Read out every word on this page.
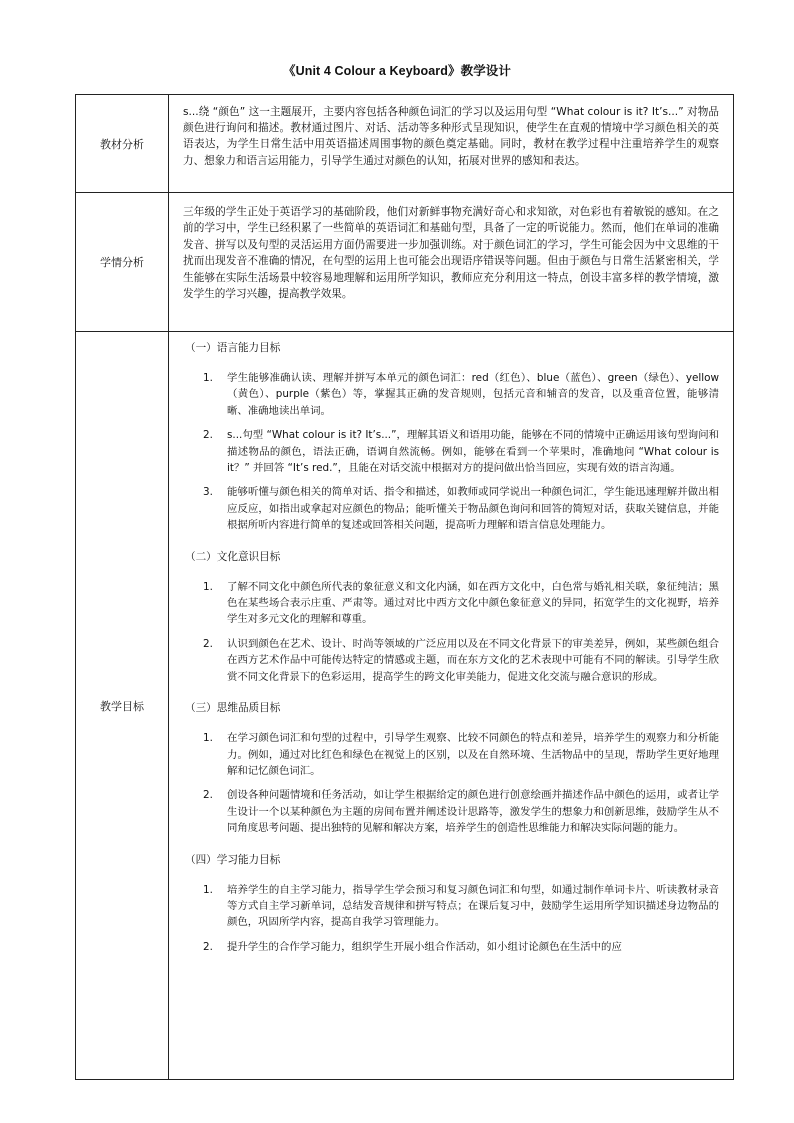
《Unit 4 Colour a Keyboard》教学设计
教材分析
s...绕 “颜色” 这一主题展开，主要内容包括各种颜色词汇的学习以及运用句型 “What colour is it? It’s...” 对物品颜色进行询问和描述。教材通过图片、对话、活动等多种形式呈现知识，使学生在直观的情境中学习颜色相关的英语表达，为学生日常生活中用英语描述周围事物的颜色奠定基础。同时，教材在教学过程中注重培养学生的观察力、想象力和语言运用能力，引导学生通过对颜色的认知，拓展对世界的感知和表达。
学情分析
三年级的学生正处于英语学习的基础阶段，他们对新鲜事物充满好奇心和求知欲，对色彩也有着敏锐的感知。在之前的学习中，学生已经积累了一些简单的英语词汇和基础句型，具备了一定的听说能力。然而，他们在单词的准确发音、拼写以及句型的灵活运用方面仍需要进一步加强训练。对于颜色词汇的学习，学生可能会因为中文思维的干扰而出现发音不准确的情况，在句型的运用上也可能会出现语序错误等问题。但由于颜色与日常生活紧密相关，学生能够在实际生活场景中较容易地理解和运用所学知识，教师应充分利用这一特点，创设丰富多样的教学情境，激发学生的学习兴趣，提高教学效果。
教学目标

（一）语言能力目标

1. 学生能够准确认读、理解并拼写本单元的颜色词汇：red（红色）、blue（蓝色）、green（绿色）、yellow（黄色）、purple（紫色）等，掌握其正确的发音规则，包括元音和辅音的发音，以及重音位置，能够清晰、准确地读出单词。

2. s...句型 “What colour is it? It’s...”，理解其语义和语用功能，能够在不同的情境中正确运用该句型询问和描述物品的颜色，语法正确，语调自然流畅。例如，能够在看到一个苹果时，准确地问 “What colour is it？” 并回答 “It’s red.”，且能在对话交流中根据对方的提问做出恰当回应，实现有效的语言沟通。

3. 能够听懂与颜色相关的简单对话、指令和描述，如教师或同学说出一种颜色词汇，学生能迅速理解并做出相应反应，如指出或拿起对应颜色的物品；能听懂关于物品颜色询问和回答的简短对话，获取关键信息，并能根据所听内容进行简单的复述或回答相关问题，提高听力理解和语言信息处理能力。

（二）文化意识目标

1. 了解不同文化中颜色所代表的象征意义和文化内涵，如在西方文化中，白色常与婚礼相关联，象征纯洁；黑色在某些场合表示庄重、严肃等。通过对比中西方文化中颜色象征意义的异同，拓宽学生的文化视野，培养学生对多元文化的理解和尊重。

2. 认识到颜色在艺术、设计、时尚等领域的广泛应用以及在不同文化背景下的审美差异，例如，某些颜色组合在西方艺术作品中可能传达特定的情感或主题，而在东方文化的艺术表现中可能有不同的解读。引导学生欣赏不同文化背景下的色彩运用，提高学生的跨文化审美能力，促进文化交流与融合意识的形成。

（三）思维品质目标

1. 在学习颜色词汇和句型的过程中，引导学生观察、比较不同颜色的特点和差异，培养学生的观察力和分析能力。例如，通过对比红色和绿色在视觉上的区别，以及在自然环境、生活物品中的呈现，帮助学生更好地理解和记忆颜色词汇。

2. 创设各种问题情境和任务活动，如让学生根据给定的颜色进行创意绘画并描述作品中颜色的运用，或者让学生设计一个以某种颜色为主题的房间布置并阐述设计思路等，激发学生的想象力和创新思维，鼓励学生从不同角度思考问题、提出独特的见解和解决方案，培养学生的创造性思维能力和解决实际问题的能力。

（四）学习能力目标

1. 培养学生的自主学习能力，指导学生学会预习和复习颜色词汇和句型，如通过制作单词卡片、听读教材录音等方式自主学习新单词，总结发音规律和拼写特点；在课后复习中，鼓励学生运用所学知识描述身边物品的颜色，巩固所学内容，提高自我学习管理能力。

2. 提升学生的合作学习能力，组织学生开展小组合作活动，如小组讨论颜色在生活中的应
